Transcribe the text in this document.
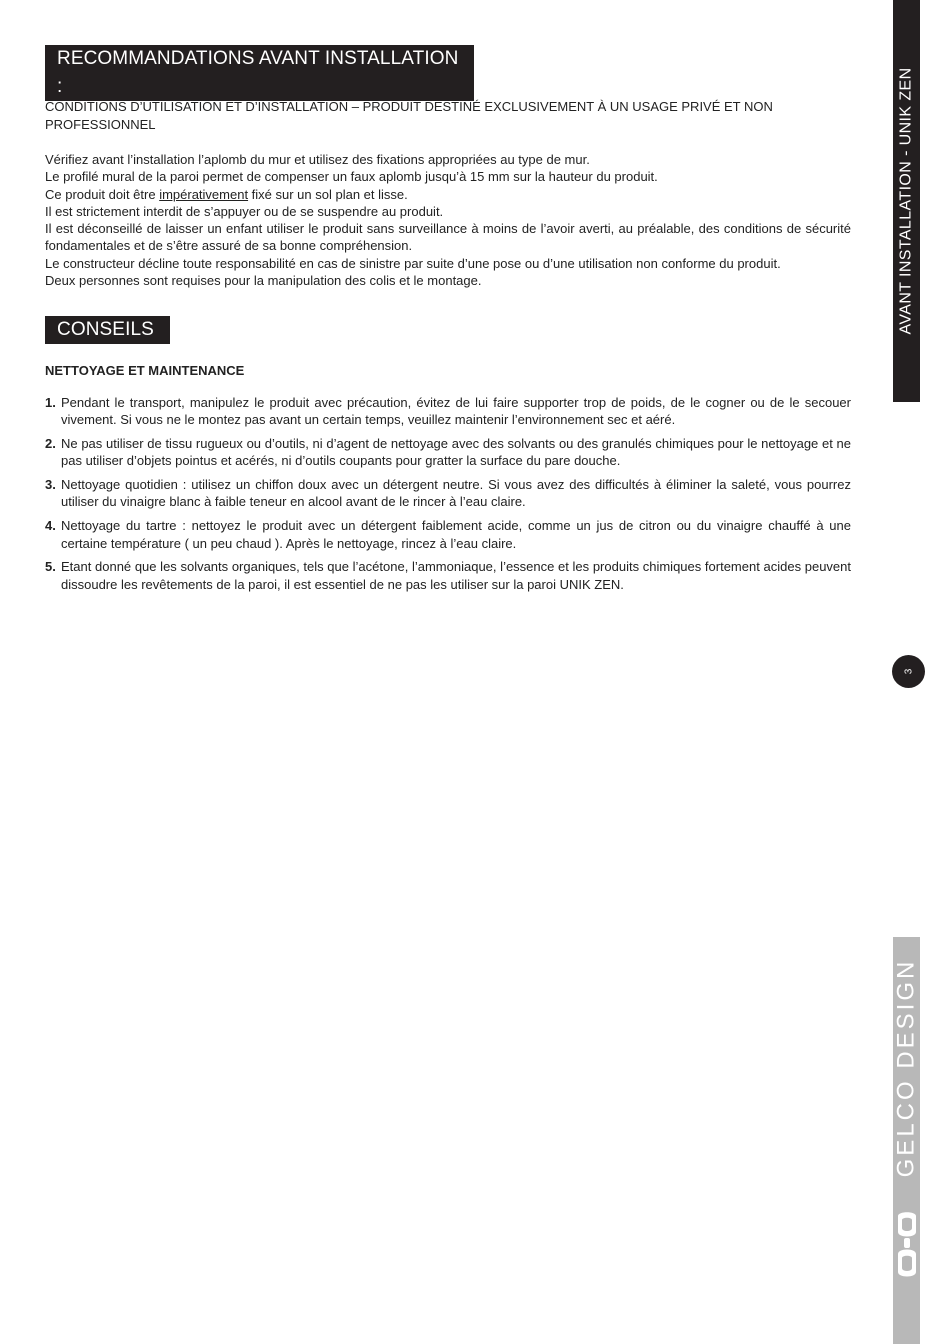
RECOMMANDATIONS AVANT INSTALLATION :
CONDITIONS D’UTILISATION ET D’INSTALLATION – PRODUIT DESTINÉ EXCLUSIVEMENT À UN USAGE PRIVÉ ET NON PROFESSIONNEL

Vérifiez avant l’installation l’aplomb du mur et utilisez des fixations appropriées au type de mur.

Le profilé mural de la paroi permet de compenser un faux aplomb jusqu’à 15 mm sur la hauteur du produit.

Ce produit doit être impérativement fixé sur un sol plan et lisse.

Il est strictement interdit de s’appuyer ou de se suspendre au produit.

Il est déconseillé de laisser un enfant utiliser le produit sans surveillance à moins de l’avoir averti, au préalable, des conditions de sécurité fondamentales et de s’être assuré de sa bonne compréhension.

Le constructeur décline toute responsabilité en cas de sinistre par suite d’une pose ou d’une utilisation non conforme du produit.

Deux personnes sont requises pour la manipulation des colis et le montage.

CONSEILS
NETTOYAGE ET MAINTENANCE
1. Pendant le transport, manipulez le produit avec précaution, évitez de lui faire supporter trop de poids, de le cogner ou de le secouer vivement. Si vous ne le montez pas avant un certain temps, veuillez maintenir l’environnement sec et aéré.
2. Ne pas utiliser de tissu rugueux ou d’outils, ni d’agent de nettoyage avec des solvants ou des granulés chimiques pour le nettoyage et ne pas utiliser d’objets pointus et acérés, ni d’outils coupants pour gratter la surface du pare douche.
3. Nettoyage quotidien : utilisez un chiffon doux avec un détergent neutre. Si vous avez des difficultés à éliminer la saleté, vous pourrez utiliser du vinaigre blanc à faible teneur en alcool avant de le rincer à l’eau claire.
4. Nettoyage du tartre : nettoyez le produit avec un détergent faiblement acide, comme un jus de citron ou du vinaigre chauffé à une certaine température ( un peu chaud ). Après le nettoyage, rincez à l’eau claire.
5. Etant donné que les solvants organiques, tels que l’acétone, l’ammoniaque, l’essence et les produits chimiques fortement acides peuvent dissoudre les revêtements de la paroi, il est essentiel de ne pas les utiliser sur la paroi UNIK ZEN.
AVANT INSTALLATION - UNIK ZEN
3
GELCO DESIGN
